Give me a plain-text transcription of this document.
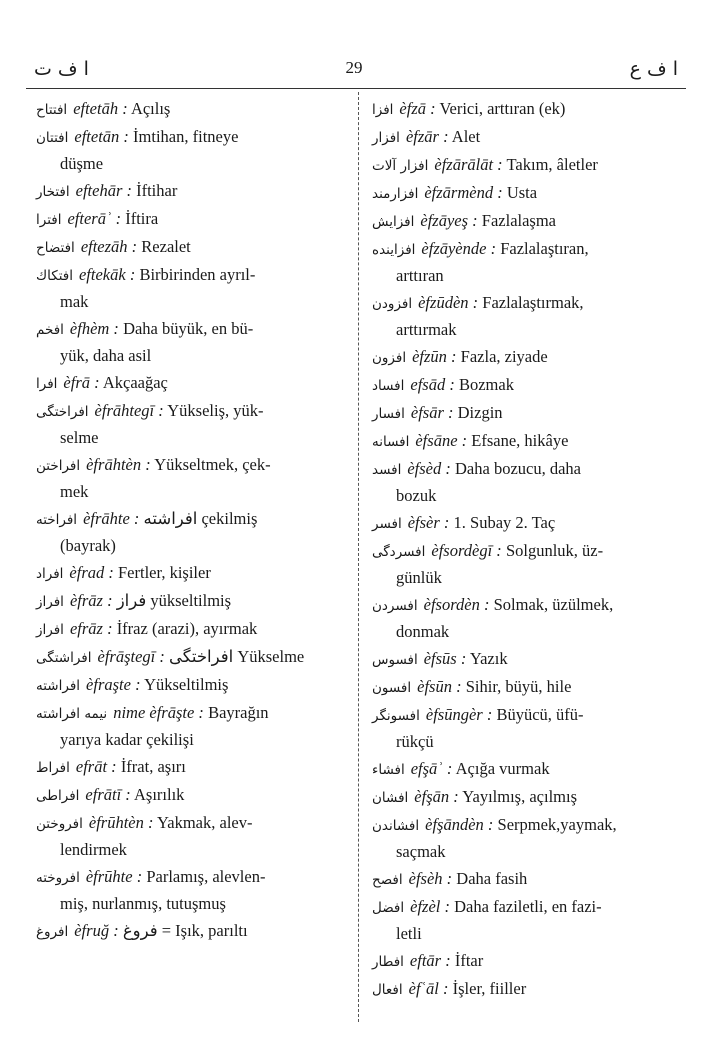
ا ف ت	29	ا ف ع
افتتاح eftetāh : Açılış
افتتان eftetān : İmtihan, fitneye
düşme
افتخار eftehār : İftihar
افترا efterāʾ : İftira
افتضاح eftezāh : Rezalet
افتكاك eftekāk : Birbirinden ayrıl-
mak
افخم èfhèm : Daha büyük, en bü-
yük, daha asil
افرا èfrā : Akçaağaç
افراختگی èfrāhtegī : Yükseliş, yük-
selme
افراختن èfrāhtèn : Yükseltmek, çek-
mek
افراخته èfrāhte : افراشته çekilmiş
(bayrak)
افراد èfrad : Fertler, kişiler
افراز èfrāz : فراز yükseltilmiş
افراز efrāz : İfraz (arazi), ayırmak
افراشتگی èfrāştegī : افراختگی Yükselme
افراشته èfraşte : Yükseltilmiş
نیمه افراشته nime èfrāşte : Bayrağın
yarıya kadar çekilişi
افراط efrāt : İfrat, aşırı
افراطی efrātī : Aşırılık
افروختن èfrūhtèn : Yakmak, alev-
lendirmek
افروخته èfrūhte : Parlamış, alevlen-
miş, nurlanmış, tutuşmuş
افروغ èfruğ : فروغ = Işık, parıltı
افزا èfzā : Verici, arttıran (ek)
افزار èfzār : Alet
افزار آلات èfzārālāt : Takım, âletler
افزارمند èfzārmènd : Usta
افزایش èfzāyeş : Fazlalaşma
افزاینده èfzāyènde : Fazlalaştıran,
arttıran
افزودن èfzūdèn : Fazlalaştırmak,
arttırmak
افزون èfzūn : Fazla, ziyade
افساد efsād : Bozmak
افسار èfsār : Dizgin
افسانه èfsāne : Efsane, hikâye
افسد èfsèd : Daha bozucu, daha
bozuk
افسر èfsèr : 1. Subay 2. Taç
افسردگی èfsordègī : Solgunluk, üz-
günlük
افسردن èfsordèn : Solmak, üzülmek,
donmak
افسوس èfsūs : Yazık
افسون èfsūn : Sihir, büyü, hile
افسونگر èfsūngèr : Büyücü, üfü-
rükçü
افشاء efşāʾ : Açığa vurmak
افشان èfşān : Yayılmış, açılmış
افشاندن èfşāndèn : Serpmek,yaymak,
saçmak
افصح èfsèh : Daha fasih
افضل èfzèl : Daha faziletli, en fazi-
letli
افطار eftār : İftar
افعال èfʿāl : İşler, fiiller
